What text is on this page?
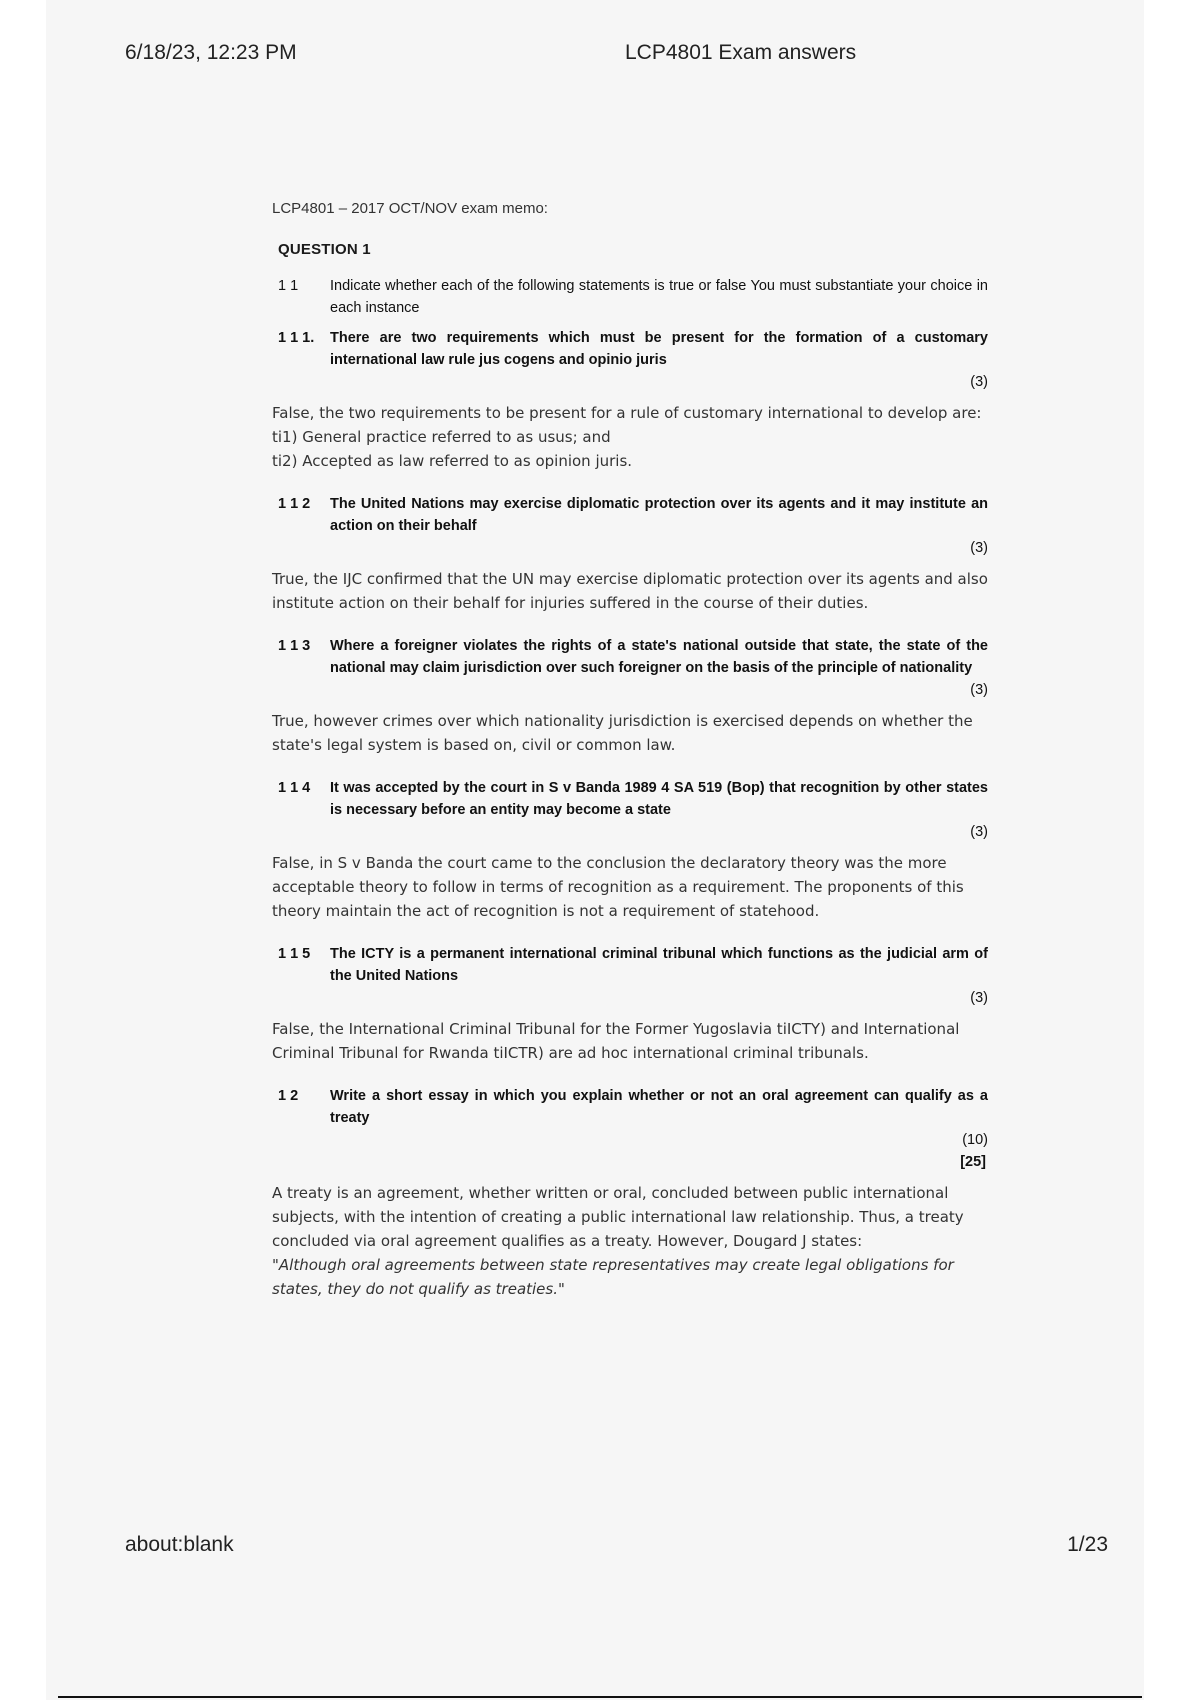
6/18/23, 12:23 PM	LCP4801 Exam answers
LCP4801 – 2017 OCT/NOV exam memo:
QUESTION 1
1 1	Indicate whether each of the following statements is true or false You must substantiate your choice in each instance
1 1 1.	There are two requirements which must be present for the formation of a customary international law rule jus cogens and opinio juris
(3)

False, the two requirements to be present for a rule of customary international to develop are:

ti1) General practice referred to as usus; and

ti2) Accepted as law referred to as opinion juris.

1 1 2	The United Nations may exercise diplomatic protection over its agents and it may institute an action on their behalf
(3)

True, the IJC confirmed that the UN may exercise diplomatic protection over its agents and also institute action on their behalf for injuries suffered in the course of their duties.

1 1 3	Where a foreigner violates the rights of a state's national outside that state, the state of the national may claim jurisdiction over such foreigner on the basis of the principle of nationality
(3)

True, however crimes over which nationality jurisdiction is exercised depends on whether the state's legal system is based on, civil or common law.

1 1 4	It was accepted by the court in S v Banda 1989 4 SA 519 (Bop) that recognition by other states is necessary before an entity may become a state
(3)

False, in S v Banda the court came to the conclusion the declaratory theory was the more acceptable theory to follow in terms of recognition as a requirement. The proponents of this theory maintain the act of recognition is not a requirement of statehood.

1 1 5	The ICTY is a permanent international criminal tribunal which functions as the judicial arm of the United Nations
(3)

False, the International Criminal Tribunal for the Former Yugoslavia tiICTY) and International Criminal Tribunal for Rwanda tiICTR) are ad hoc international criminal tribunals.

1 2	Write a short essay in which you explain whether or not an oral agreement can qualify as a treaty
(10)
[25]

A treaty is an agreement, whether written or oral, concluded between public international subjects, with the intention of creating a public international law relationship. Thus, a treaty concluded via oral agreement qualifies as a treaty. However, Dougard J states:

"Although oral agreements between state representatives may create legal obligations for states, they do not qualify as treaties."

about:blank	1/23
